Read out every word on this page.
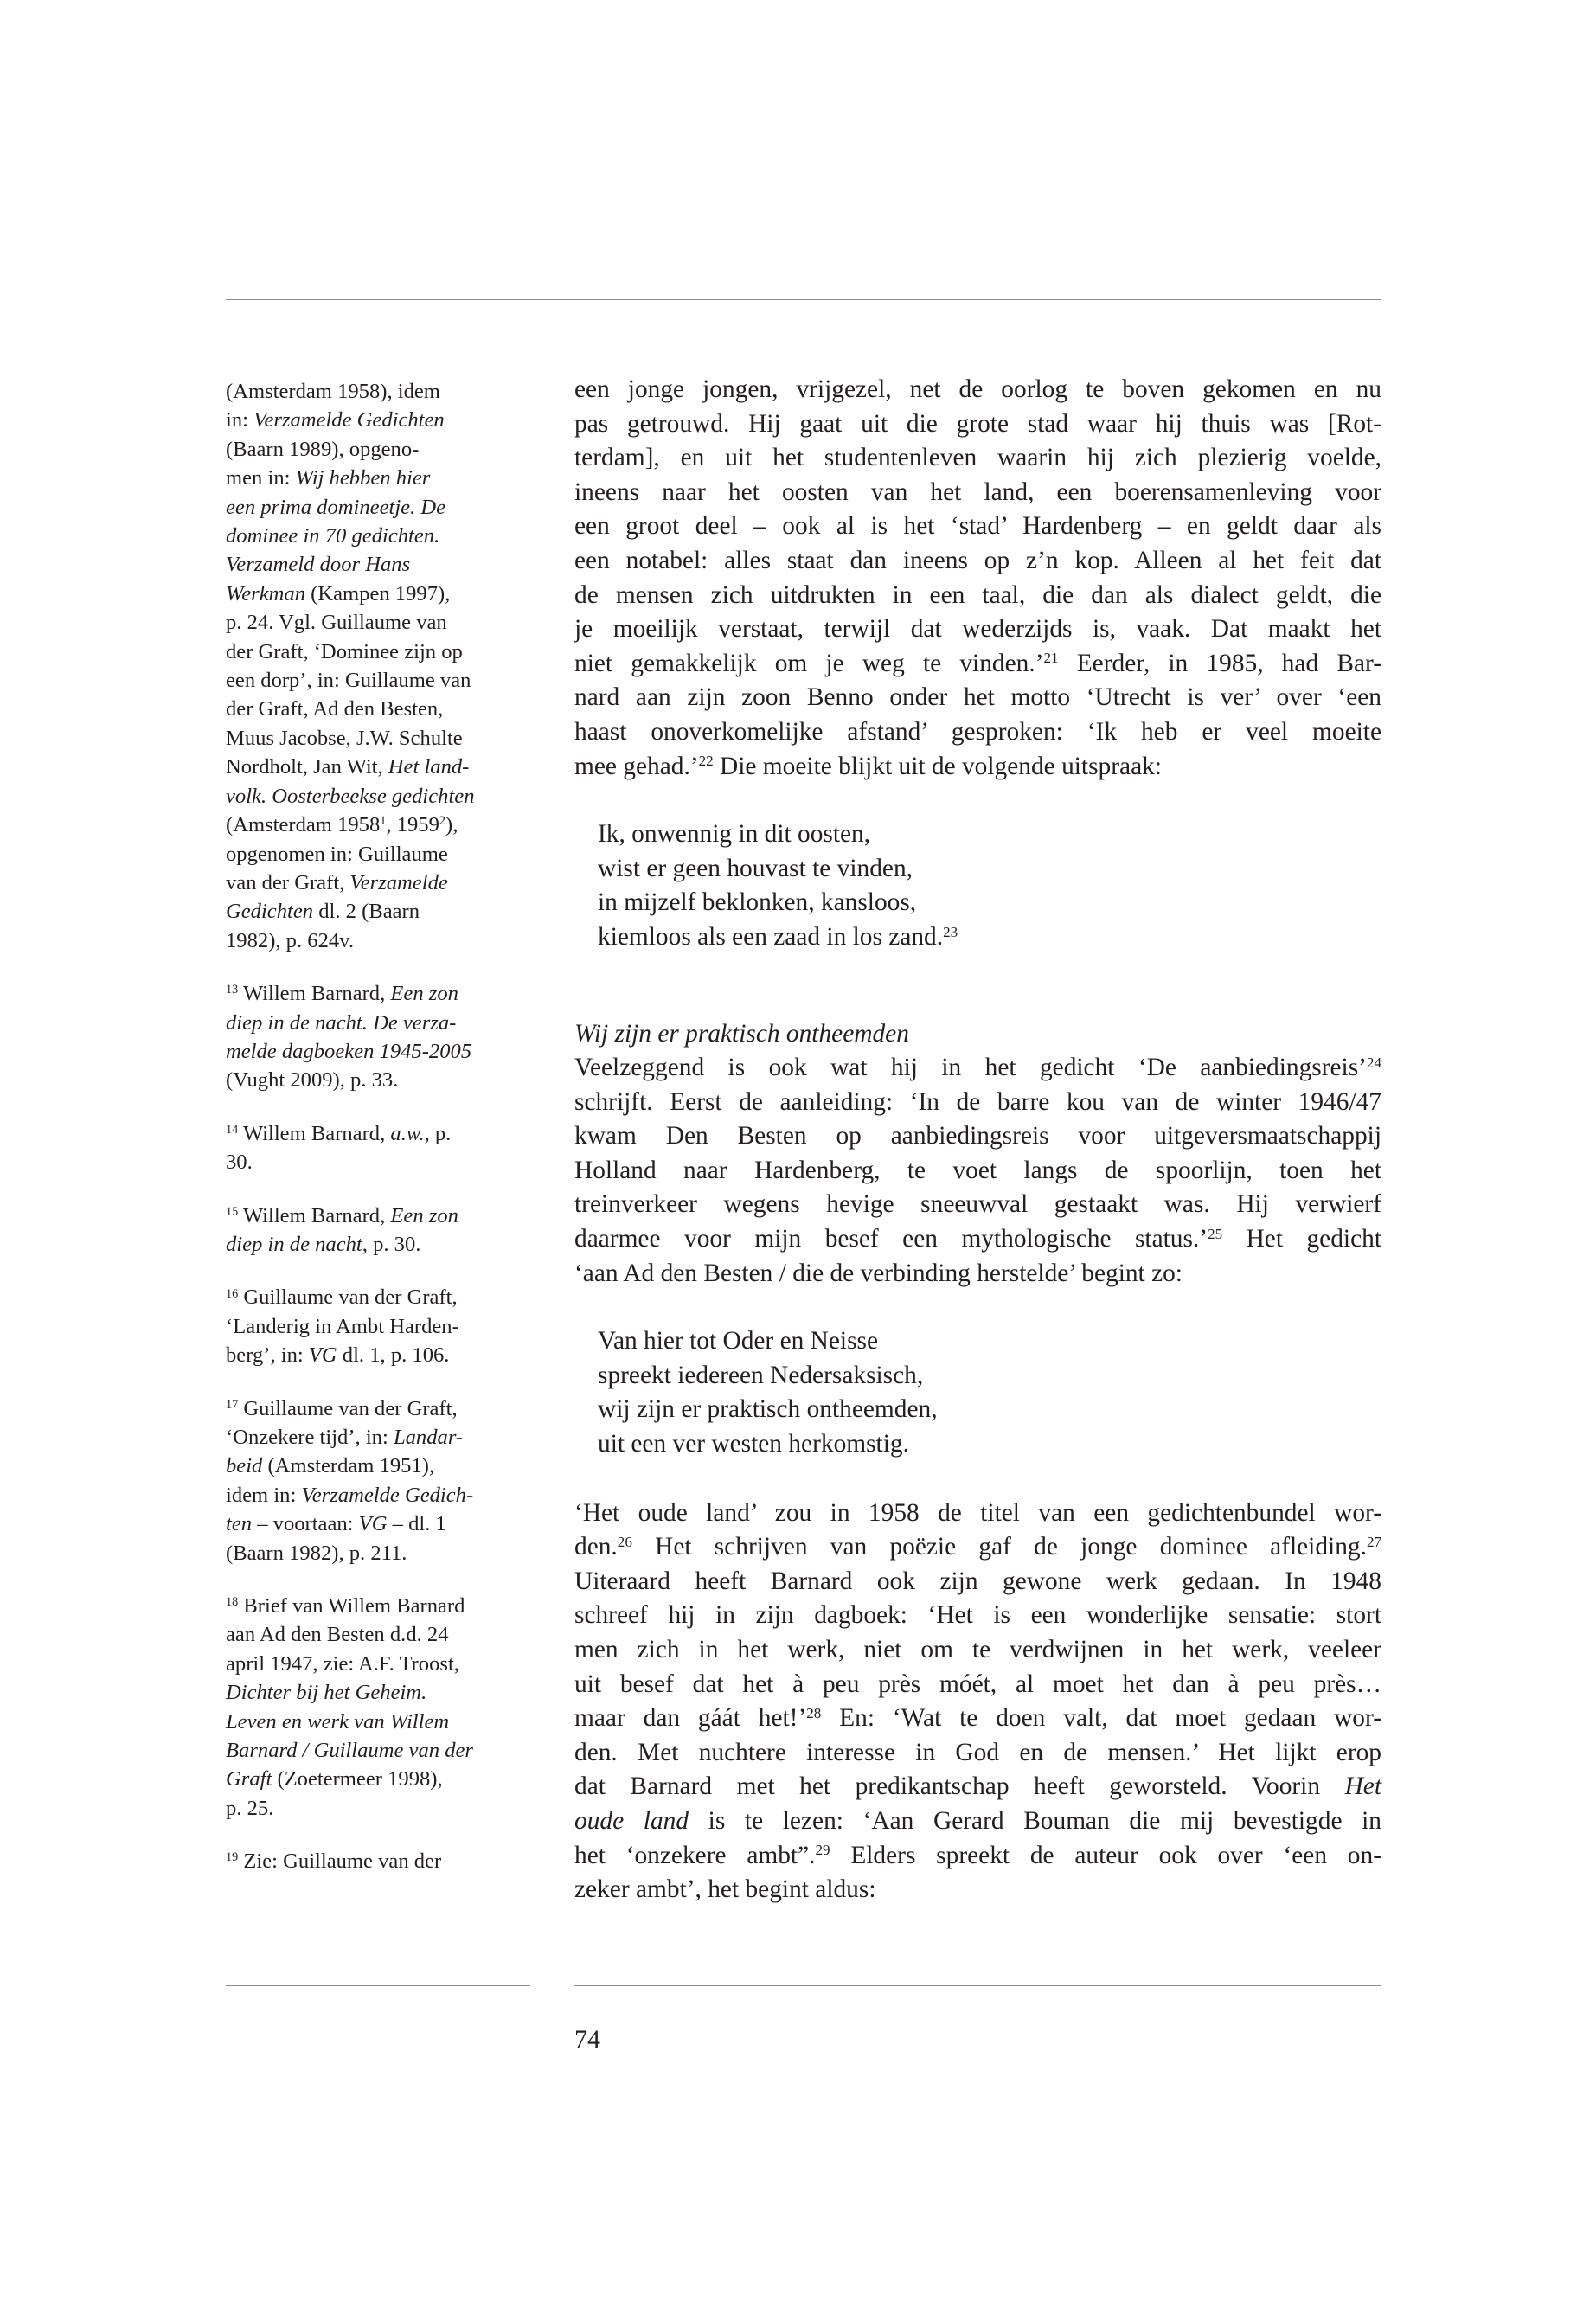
(Amsterdam 1958), idem
in: Verzamelde Gedichten
(Baarn 1989), opgeno-
men in: Wij hebben hier
een prima domineetje. De
dominee in 70 gedichten.
Verzameld door Hans
Werkman (Kampen 1997),
p. 24. Vgl. Guillaume van
der Graft, ‘Dominee zijn op
een dorp’, in: Guillaume van
der Graft, Ad den Besten,
Muus Jacobse, J.W. Schulte
Nordholt, Jan Wit, Het land-
volk. Oosterbeekse gedichten
(Amsterdam 1958$^1$, 1959$^2$),
opgenomen in: Guillaume
van der Graft, Verzamelde
Gedichten dl. 2 (Baarn
1982), p. 624v.
$^{13}$ Willem Barnard, Een zon
diep in de nacht. De verza-
melde dagboeken 1945-2005
(Vught 2009), p. 33.
$^{14}$ Willem Barnard, a.w., p.
30.
$^{15}$ Willem Barnard, Een zon
diep in de nacht, p. 30.
$^{16}$ Guillaume van der Graft,
‘Landerig in Ambt Harden-
berg’, in: VG dl. 1, p. 106.
$^{17}$ Guillaume van der Graft,
‘Onzekere tijd’, in: Landar-
beid (Amsterdam 1951),
idem in: Verzamelde Gedich-
ten – voortaan: VG – dl. 1
(Baarn 1982), p. 211.
$^{18}$ Brief van Willem Barnard
aan Ad den Besten d.d. 24
april 1947, zie: A.F. Troost,
Dichter bij het Geheim.
Leven en werk van Willem
Barnard / Guillaume van der
Graft (Zoetermeer 1998),
p. 25.
$^{19}$ Zie: Guillaume van der
een jonge jongen, vrijgezel, net de oorlog te boven gekomen en nu
pas getrouwd. Hij gaat uit die grote stad waar hij thuis was [Rot-
terdam], en uit het studentenleven waarin hij zich plezierig voelde,
ineens naar het oosten van het land, een boerensamenleving voor
een groot deel – ook al is het ‘stad’ Hardenberg – en geldt daar als
een notabel: alles staat dan ineens op z’n kop. Alleen al het feit dat
de mensen zich uitdrukten in een taal, die dan als dialect geldt, die
je moeilijk verstaat, terwijl dat wederzijds is, vaak. Dat maakt het
niet gemakkelijk om je weg te vinden.’$^{21}$ Eerder, in 1985, had Bar-
nard aan zijn zoon Benno onder het motto ‘Utrecht is ver’ over ‘een
haast onoverkomelijke afstand’ gesproken: ‘Ik heb er veel moeite
mee gehad.’$^{22}$ Die moeite blijkt uit de volgende uitspraak:
Ik, onwennig in dit oosten,
wist er geen houvast te vinden,
in mijzelf beklonken, kansloos,
kiemloos als een zaad in los zand.$^{23}$
Wij zijn er praktisch ontheemden
Veelzeggend is ook wat hij in het gedicht ‘De aanbiedingsreis’$^{24}$
schrijft. Eerst de aanleiding: ‘In de barre kou van de winter 1946/47
kwam Den Besten op aanbiedingsreis voor uitgeversmaatschappij
Holland naar Hardenberg, te voet langs de spoorlijn, toen het
treinverkeer wegens hevige sneeuwval gestaakt was. Hij verwierf
daarmee voor mijn besef een mythologische status.’$^{25}$ Het gedicht
‘aan Ad den Besten / die de verbinding herstelde’ begint zo:
Van hier tot Oder en Neisse
spreekt iedereen Nedersaksisch,
wij zijn er praktisch ontheemden,
uit een ver westen herkomstig.
‘Het oude land’ zou in 1958 de titel van een gedichtenbundel wor-
den.$^{26}$ Het schrijven van poëzie gaf de jonge dominee afleiding.$^{27}$
Uiteraard heeft Barnard ook zijn gewone werk gedaan. In 1948
schreef hij in zijn dagboek: ‘Het is een wonderlijke sensatie: stort
men zich in het werk, niet om te verdwijnen in het werk, veeleer
uit besef dat het à peu près móét, al moet het dan à peu près…
maar dan gáát het!’$^{28}$ En: ‘Wat te doen valt, dat moet gedaan wor-
den. Met nuchtere interesse in God en de mensen.’ Het lijkt erop
dat Barnard met het predikantschap heeft geworsteld. Voorin Het
oude land is te lezen: ‘Aan Gerard Bouman die mij bevestigde in
het ‘onzekere ambt”.$^{29}$ Elders spreekt de auteur ook over ‘een on-
zeker ambt’, het begint aldus:
74
